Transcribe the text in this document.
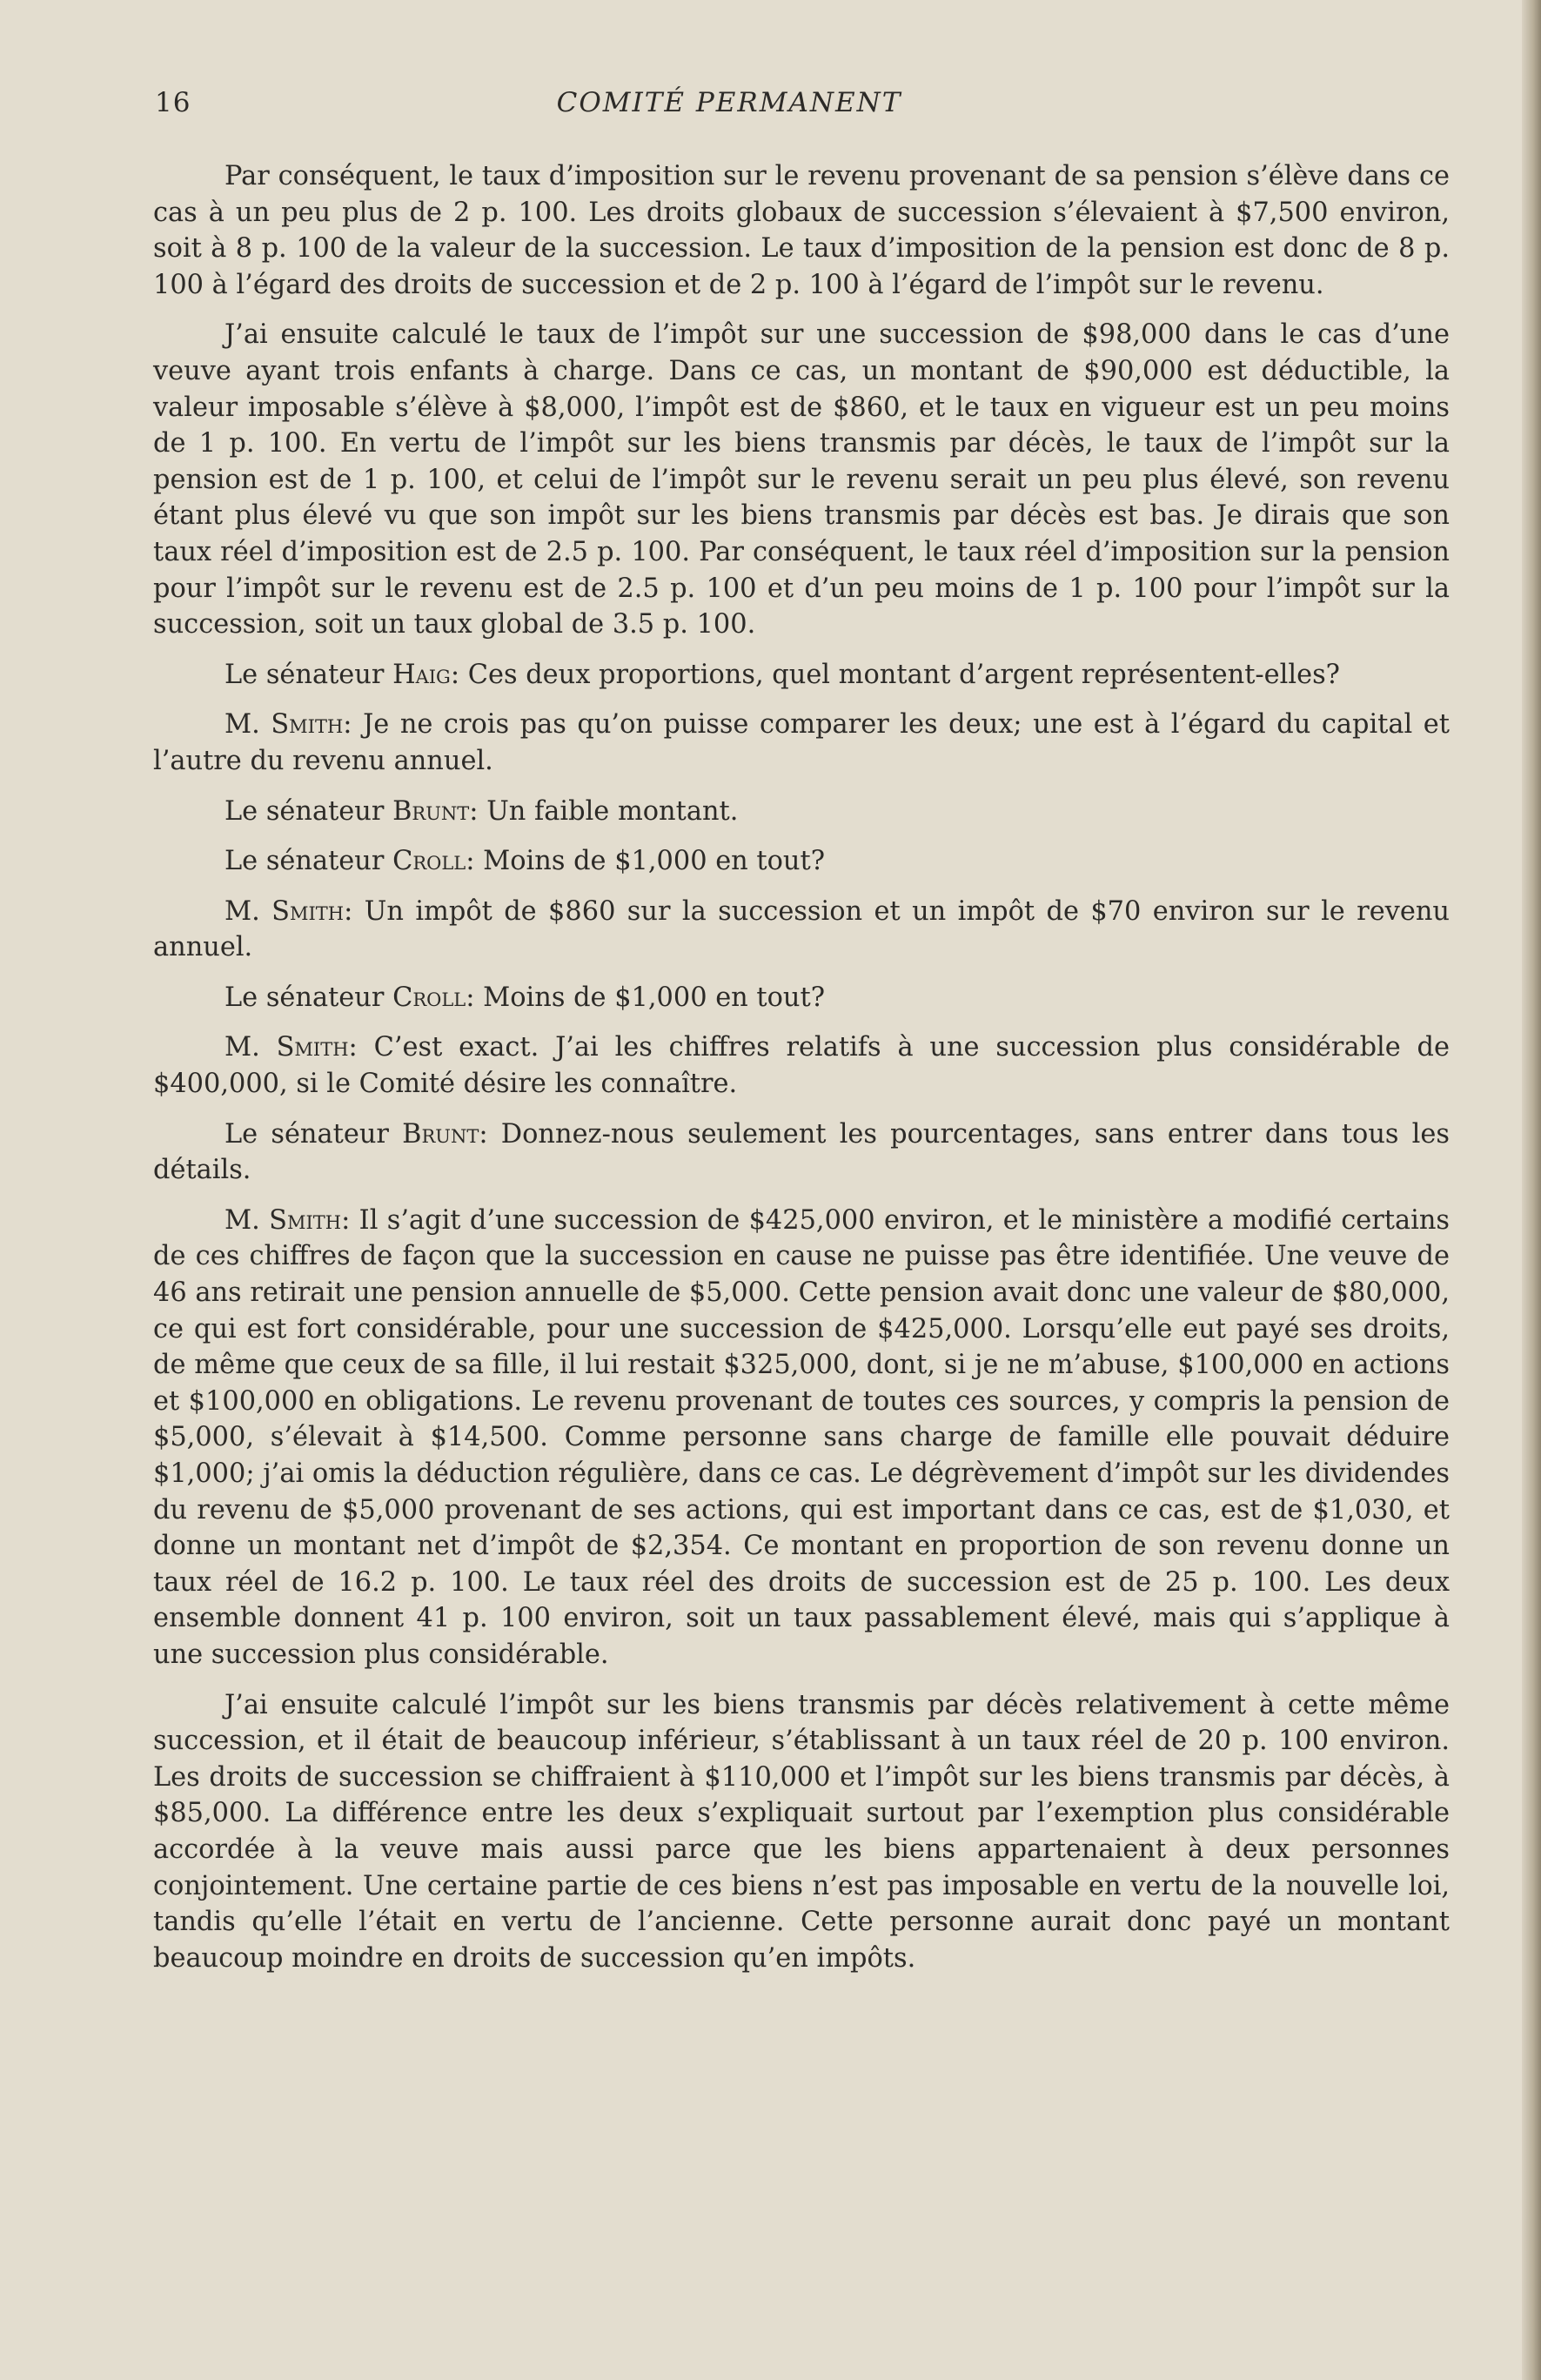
16	COMITÉ PERMANENT

Par conséquent, le taux d’imposition sur le revenu provenant de sa pension s’élève dans ce cas à un peu plus de 2 p. 100. Les droits globaux de succession s’élevaient à $7,500 environ, soit à 8 p. 100 de la valeur de la succession. Le taux d’imposition de la pension est donc de 8 p. 100 à l’égard des droits de succession et de 2 p. 100 à l’égard de l’impôt sur le revenu.

J’ai ensuite calculé le taux de l’impôt sur une succession de $98,000 dans le cas d’une veuve ayant trois enfants à charge. Dans ce cas, un montant de $90,000 est déductible, la valeur imposable s’élève à $8,000, l’impôt est de $860, et le taux en vigueur est un peu moins de 1 p. 100. En vertu de l’impôt sur les biens transmis par décès, le taux de l’impôt sur la pension est de 1 p. 100, et celui de l’impôt sur le revenu serait un peu plus élevé, son revenu étant plus élevé vu que son impôt sur les biens transmis par décès est bas. Je dirais que son taux réel d’imposition est de 2.5 p. 100. Par conséquent, le taux réel d’imposition sur la pension pour l’impôt sur le revenu est de 2.5 p. 100 et d’un peu moins de 1 p. 100 pour l’impôt sur la succession, soit un taux global de 3.5 p. 100.

Le sénateur Haig: Ces deux proportions, quel montant d’argent représentent-elles?

M. Smith: Je ne crois pas qu’on puisse comparer les deux; une est à l’égard du capital et l’autre du revenu annuel.

Le sénateur Brunt: Un faible montant.

Le sénateur Croll: Moins de $1,000 en tout?

M. Smith: Un impôt de $860 sur la succession et un impôt de $70 environ sur le revenu annuel.

Le sénateur Croll: Moins de $1,000 en tout?

M. Smith: C’est exact. J’ai les chiffres relatifs à une succession plus considérable de $400,000, si le Comité désire les connaître.

Le sénateur Brunt: Donnez-nous seulement les pourcentages, sans entrer dans tous les détails.

M. Smith: Il s’agit d’une succession de $425,000 environ, et le ministère a modifié certains de ces chiffres de façon que la succession en cause ne puisse pas être identifiée. Une veuve de 46 ans retirait une pension annuelle de $5,000. Cette pension avait donc une valeur de $80,000, ce qui est fort considérable, pour une succession de $425,000. Lorsqu’elle eut payé ses droits, de même que ceux de sa fille, il lui restait $325,000, dont, si je ne m’abuse, $100,000 en actions et $100,000 en obligations. Le revenu provenant de toutes ces sources, y compris la pension de $5,000, s’élevait à $14,500. Comme personne sans charge de famille elle pouvait déduire $1,000; j’ai omis la déduction régulière, dans ce cas. Le dégrèvement d’impôt sur les dividendes du revenu de $5,000 provenant de ses actions, qui est important dans ce cas, est de $1,030, et donne un montant net d’impôt de $2,354. Ce montant en proportion de son revenu donne un taux réel de 16.2 p. 100. Le taux réel des droits de succession est de 25 p. 100. Les deux ensemble donnent 41 p. 100 environ, soit un taux passablement élevé, mais qui s’applique à une succession plus considérable.

J’ai ensuite calculé l’impôt sur les biens transmis par décès relativement à cette même succession, et il était de beaucoup inférieur, s’établissant à un taux réel de 20 p. 100 environ. Les droits de succession se chiffraient à $110,000 et l’impôt sur les biens transmis par décès, à $85,000. La différence entre les deux s’expliquait surtout par l’exemption plus considérable accordée à la veuve mais aussi parce que les biens appartenaient à deux personnes conjointement. Une certaine partie de ces biens n’est pas imposable en vertu de la nouvelle loi, tandis qu’elle l’était en vertu de l’ancienne. Cette personne aurait donc payé un montant beaucoup moindre en droits de succession qu’en impôts.
